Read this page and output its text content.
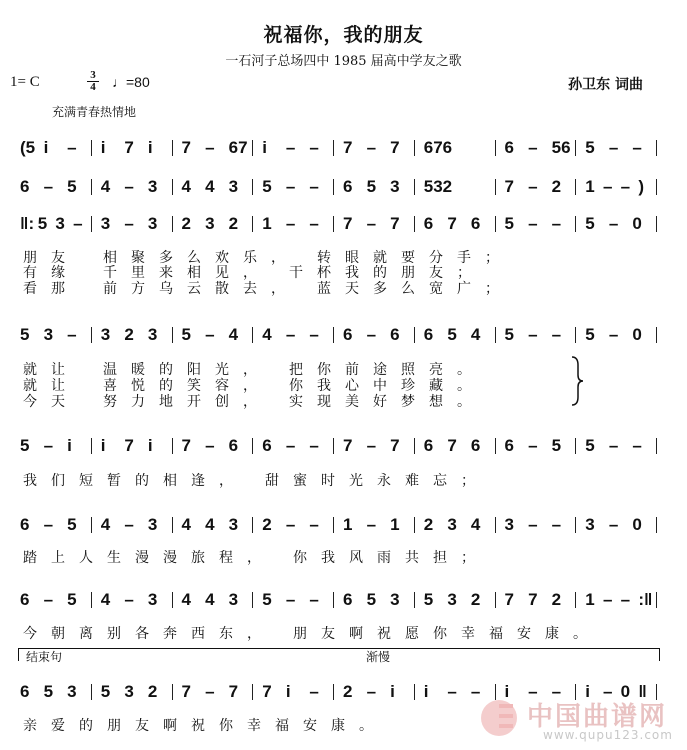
祝福你，我的朋友
一石河子总场四中 1985 届高中学友之歌
1= C	3
4 ♩=80	孙卫东 词曲
充满青春热情地
(5 i – i 7 i 7 – 67 i – – 7 – 7 676	6 – 56 5 – –
6 – 5 4 – 3 4 4 3 5 – – 6 5 3 532	7 – 2 1 – – )
‖: 5 3 – 3 – 3 2 3 2 1 – – 7 – 7 6 7 6 5 – – 5 – 0
5 3 – 3 2 3 5 – 4 4 – – 6 – 6 6 5 4 5 – – 5 – 0
5 – i i 7 i 7 – 6 6 – – 7 – 7 6 7 6 6 – 5 5 – –
6 – 5 4 – 3 4 4 3 2 – – 1 – 1 2 3 4 3 – – 3 – 0
6 – 5 4 – 3 4 4 3 5 – – 6 5 3 5 3 2 7 7 2 1 – – :‖
6 5 3 5 3 2 7 – 7 7 i – 2 – i i – – i – – i – 0 ‖
朋 友	相 聚 多 么 欢 乐 ， 转 眼 就 要 分 手 ；
有 缘	千 里 来 相 见 ， 干 杯 我 的 朋 友 ；
看 那	前 方 乌 云 散 去 ， 蓝 天 多 么 宽 广 ；
就 让	温 暖 的 阳 光 ， 把 你 前 途 照 亮 。
就 让	喜 悦 的 笑 容 ， 你 我 心 中 珍 藏 。
今 天	努 力 地 开 创 ， 实 现 美 好 梦 想 。
我 们 短 暂 的 相 逢 ， 甜 蜜 时 光 永 难 忘 ；
踏 上 人 生 漫 漫 旅 程 ， 你 我 风 雨 共 担 ；
今 朝 离 别 各 奔 西 东 ， 朋 友 啊 祝 愿 你 幸 福 安 康 。
亲 爱 的 朋 友 啊 祝 你 幸 福 安 康 。
结束句	渐慢
中国曲谱网
www.qupu123.com
